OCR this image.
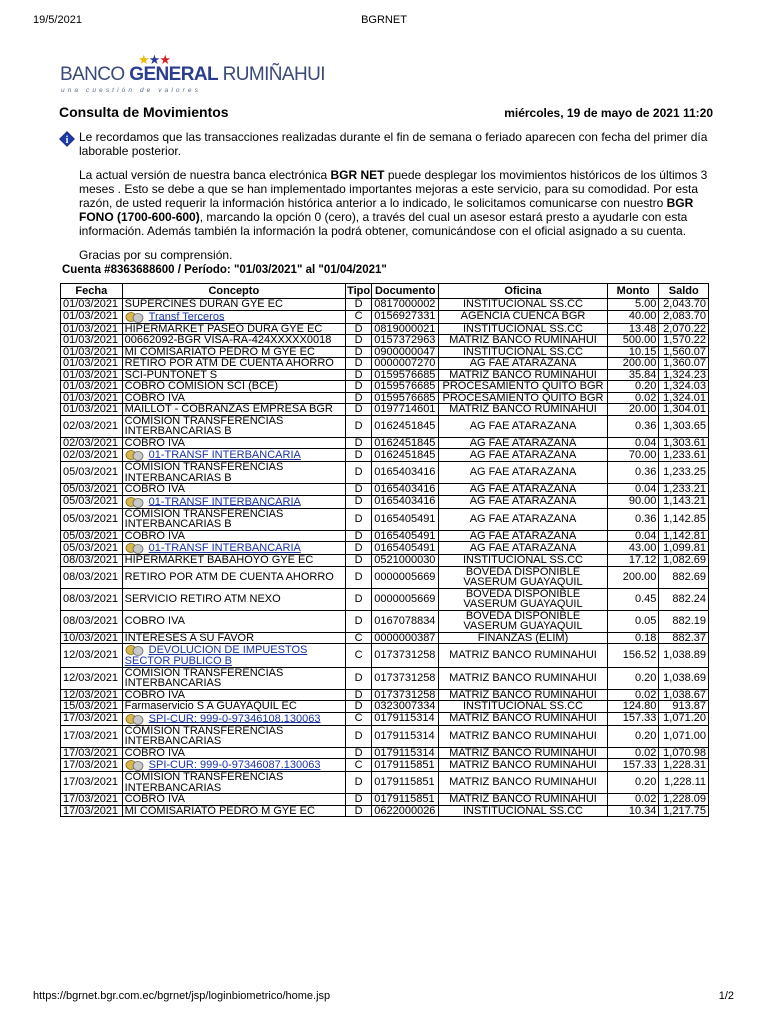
19/5/2021	BGRNET
★★★
BANCO GENERAL RUMIÑAHUI
una cuestión de valores
Consulta de Movimientos	miércoles, 19 de mayo de 2021 11:20
i Le recordamos que las transacciones realizadas durante el fin de semana o feriado aparecen con fecha del primer día laborable posterior.

La actual versión de nuestra banca electrónica BGR NET puede desplegar los movimientos históricos de los últimos 3 meses . Esto se debe a que se han implementado importantes mejoras a este servicio, para su comodidad. Por esta razón, de usted requerir la información histórica anterior a lo indicado, le solicitamos comunicarse con nuestro BGR FONO (1700-600-600), marcando la opción 0 (cero), a través del cual un asesor estará presto a ayudarle con esta información. Además también la información la podrá obtener, comunicándose con el oficial asignado a su cuenta.

Gracias por su comprensión.

Cuenta #8363688600 / Período: "01/03/2021" al "01/04/2021"
Fecha	Concepto	Tipo	Documento	Oficina	Monto	Saldo
01/03/2021	SUPERCINES DURAN GYE EC	D	0817000002	INSTITUCIONAL SS.CC	5.00	2,043.70
01/03/2021	Transf Terceros	C	0156927331	AGENCIA CUENCA BGR	40.00	2,083.70
01/03/2021	HIPERMARKET PASEO DURA GYE EC	D	0819000021	INSTITUCIONAL SS.CC	13.48	2,070.22
01/03/2021	00662092-BGR VISA-RA-424XXXXX0018	D	0157372963	MATRIZ BANCO RUMINAHUI	500.00	1,570.22
01/03/2021	MI COMISARIATO PEDRO M GYE EC	D	0900000047	INSTITUCIONAL SS.CC	10.15	1,560.07
01/03/2021	RETIRO POR ATM DE CUENTA AHORRO	D	0000007270	AG FAE ATARAZANA	200.00	1,360.07
01/03/2021	SCI-PUNTONET S	D	0159576685	MATRIZ BANCO RUMINAHUI	35.84	1,324.23
01/03/2021	COBRO COMISION SCI (BCE)	D	0159576685	PROCESAMIENTO QUITO BGR	0.20	1,324.03
01/03/2021	COBRO IVA	D	0159576685	PROCESAMIENTO QUITO BGR	0.02	1,324.01
01/03/2021	MAILLOT - COBRANZAS EMPRESA BGR	D	0197714601	MATRIZ BANCO RUMINAHUI	20.00	1,304.01
02/03/2021	COMISION TRANSFERENCIAS INTERBANCARIAS B	D	0162451845	AG FAE ATARAZANA	0.36	1,303.65
02/03/2021	COBRO IVA	D	0162451845	AG FAE ATARAZANA	0.04	1,303.61
02/03/2021	01-TRANSF INTERBANCARIA	D	0162451845	AG FAE ATARAZANA	70.00	1,233.61
05/03/2021	COMISION TRANSFERENCIAS INTERBANCARIAS B	D	0165403416	AG FAE ATARAZANA	0.36	1,233.25
05/03/2021	COBRO IVA	D	0165403416	AG FAE ATARAZANA	0.04	1,233.21
05/03/2021	01-TRANSF INTERBANCARIA	D	0165403416	AG FAE ATARAZANA	90.00	1,143.21
05/03/2021	COMISION TRANSFERENCIAS INTERBANCARIAS B	D	0165405491	AG FAE ATARAZANA	0.36	1,142.85
05/03/2021	COBRO IVA	D	0165405491	AG FAE ATARAZANA	0.04	1,142.81
05/03/2021	01-TRANSF INTERBANCARIA	D	0165405491	AG FAE ATARAZANA	43.00	1,099.81
08/03/2021	HIPERMARKET BABAHOYO GYE EC	D	0521000030	INSTITUCIONAL SS.CC	17.12	1,082.69
08/03/2021	RETIRO POR ATM DE CUENTA AHORRO	D	0000005669	BOVEDA DISPONIBLE VASERUM GUAYAQUIL	200.00	882.69
08/03/2021	SERVICIO RETIRO ATM NEXO	D	0000005669	BOVEDA DISPONIBLE VASERUM GUAYAQUIL	0.45	882.24
08/03/2021	COBRO IVA	D	0167078834	BOVEDA DISPONIBLE VASERUM GUAYAQUIL	0.05	882.19
10/03/2021	INTERESES A SU FAVOR	C	0000000387	FINANZAS (ELIM)	0.18	882.37
12/03/2021	DEVOLUCION DE IMPUESTOS SECTOR PUBLICO B	C	0173731258	MATRIZ BANCO RUMINAHUI	156.52	1,038.89
12/03/2021	COMISION TRANSFERENCIAS INTERBANCARIAS	D	0173731258	MATRIZ BANCO RUMINAHUI	0.20	1,038.69
12/03/2021	COBRO IVA	D	0173731258	MATRIZ BANCO RUMINAHUI	0.02	1,038.67
15/03/2021	Farmaservicio S A GUAYAQUIL EC	D	0323007334	INSTITUCIONAL SS.CC	124.80	913.87
17/03/2021	SPI-CUR: 999-0-97346108.130063	C	0179115314	MATRIZ BANCO RUMINAHUI	157.33	1,071.20
17/03/2021	COMISION TRANSFERENCIAS INTERBANCARIAS	D	0179115314	MATRIZ BANCO RUMINAHUI	0.20	1,071.00
17/03/2021	COBRO IVA	D	0179115314	MATRIZ BANCO RUMINAHUI	0.02	1,070.98
17/03/2021	SPI-CUR: 999-0-97346087.130063	C	0179115851	MATRIZ BANCO RUMINAHUI	157.33	1,228.31
17/03/2021	COMISION TRANSFERENCIAS INTERBANCARIAS	D	0179115851	MATRIZ BANCO RUMINAHUI	0.20	1,228.11
17/03/2021	COBRO IVA	D	0179115851	MATRIZ BANCO RUMINAHUI	0.02	1,228.09
17/03/2021	MI COMISARIATO PEDRO M GYE EC	D	0622000026	INSTITUCIONAL SS.CC	10.34	1,217.75
https://bgrnet.bgr.com.ec/bgrnet/jsp/loginbiometrico/home.jsp	1/2
